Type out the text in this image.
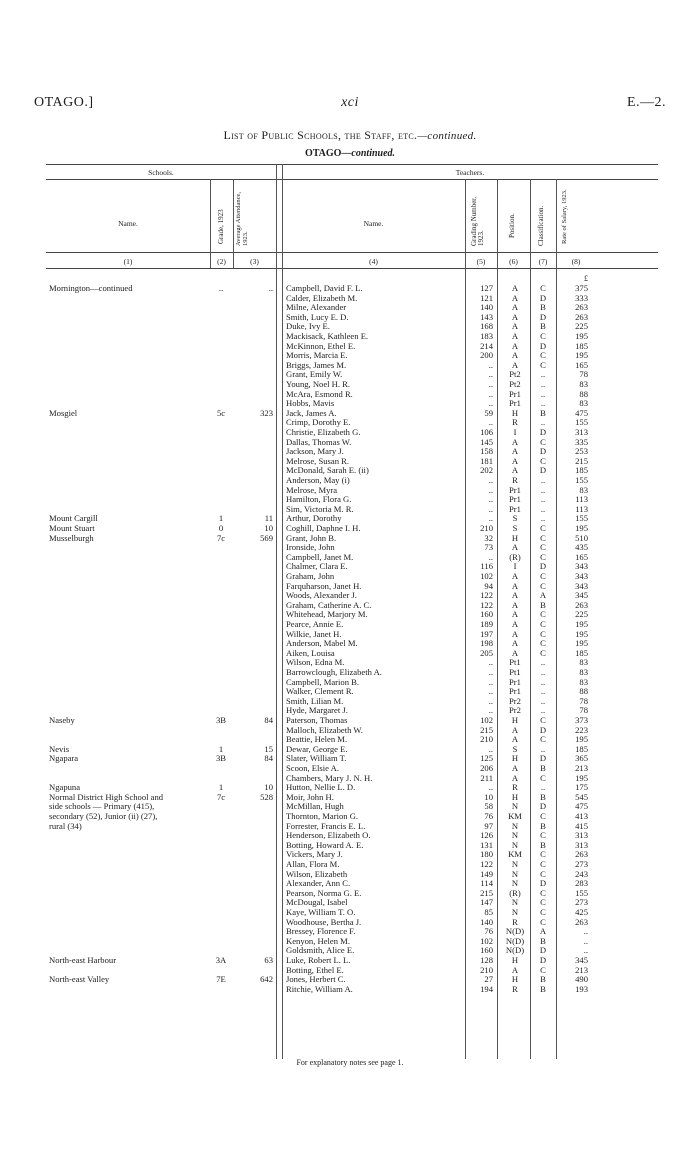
OTAGO.]	xci	E.—2.
List of Public Schools, the Staff, etc.—continued.
OTAGO—continued.
Schools.	Teachers.
Name.	Grade, 1923 Average Attendance, 1923.
Name.	Grading Number, 1923.
Position.	Classification. Rate of Salary, 1923.
(1)	(2)	(3)	(4)	(5)	(6)	(7)	(8)
£
Mornington—continued	..	.. Campbell, David F. L.	127	A	C	375
Calder, Elizabeth M.	121	A	D	333
Milne, Alexander	140	A	B	263
Smith, Lucy E. D.	143	A	D	263
Duke, Ivy E.	168	A	B	225
Mackisack, Kathleen E.	183	A	C	195
McKinnon, Ethel E.	214	A	D	185
Morris, Marcia E.	200	A	C	195
Briggs, James M.	..	A	C	165
Grant, Emily W.	..	Pt2	..	78
Young, Noel H. R.	..	Pt2	..	83
McAra, Esmond R.	..	Pr1	..	88
Hobbs, Mavis	..	Pr1	..	83
Mosgiel	5c	323 Jack, James A.	59	H	B	475
Crimp, Dorothy E.	..	R	..	155
Christie, Elizabeth G.	106	I	D	313
Dallas, Thomas W.	145	A	C	335
Jackson, Mary J.	158	A	D	253
Melrose, Susan R.	181	A	C	215
McDonald, Sarah E. (ii)	202	A	D	185
Anderson, May (i)	..	R	..	155
Melrose, Myra	..	Pr1	..	83
Hamilton, Flora G.	..	Pr1	..	113
Sim, Victoria M. R.	..	Pr1	..	113
Mount Cargill	1	11 Arthur, Dorothy	..	S	..	155
Mount Stuart	0	10 Coghill, Daphne I. H.	210	S	C	195
Musselburgh	7c	569 Grant, John B.	32	H	C	510
Ironside, John	73	A	C	435
Campbell, Janet M.	..	(R)	C	165
Chalmer, Clara E.	116	I	D	343
Graham, John	102	A	C	343
Farquharson, Janet H.	94	A	C	343
Woods, Alexander J.	122	A	A	345
Graham, Catherine A. C.	122	A	B	263
Whitehead, Marjory M.	160	A	C	225
Pearce, Annie E.	189	A	C	195
Wilkie, Janet H.	197	A	C	195
Anderson, Mabel M.	198	A	C	195
Aiken, Louisa	205	A	C	185
Wilson, Edna M.	..	Pt1	..	83
Barrowclough, Elizabeth A.	..	Pt1	..	83
Campbell, Marion B.	..	Pr1	..	83
Walker, Clement R.	..	Pr1	..	88
Smith, Lilian M.	..	Pr2	..	78
Hyde, Margaret J.	..	Pr2	..	78
Naseby	3B	84 Paterson, Thomas	102	H	C	373
Malloch, Elizabeth W.	215	A	D	223
Beattie, Helen M.	210	A	C	195
Nevis	1	15 Dewar, George E.	..	S	..	185
Ngapara	3B	84 Slater, William T.	125	H	D	365
Scoon, Elsie A.	206	A	B	213
Chambers, Mary J. N. H.	211	A	C	195
Ngapuna	1	10 Hutton, Nellie L. D.	..	R	..	175
Normal District High School and	7c	528 Moir, John H.	10	H	B	545
side schools — Primary (415),	McMillan, Hugh	58	N	D	475
secondary (52), Junior (ii) (27),	Thornton, Marion G.	76	KM	C	413
rural (34)	Forrester, Francis E. L.	97	N	B	415
Henderson, Elizabeth O.	126	N	C	313
Botting, Howard A. E.	131	N	B	313
Vickers, Mary J.	180	KM	C	263
Allan, Flora M.	122	N	C	273
Wilson, Elizabeth	149	N	C	243
Alexander, Ann C.	114	N	D	283
Pearson, Norma G. E.	215	(R)	C	155
McDougal, Isabel	147	N	C	273
Kaye, William T. O.	85	N	C	425
Woodhouse, Bertha J.	140	R	C	263
Bressey, Florence F.	76	N(D)	A	..
Kenyon, Helen M.	102	N(D)	B	..
Goldsmith, Alice E.	160	N(D)	D	..
North-east Harbour	3A	63 Luke, Robert L. L.	128	H	D	345
Botting, Ethel E.	210	A	C	213
North-east Valley	7E	642 Jones, Herbert C.	27	H	B	490
Ritchie, William A.	194	R	B	193
For explanatory notes see page 1.
